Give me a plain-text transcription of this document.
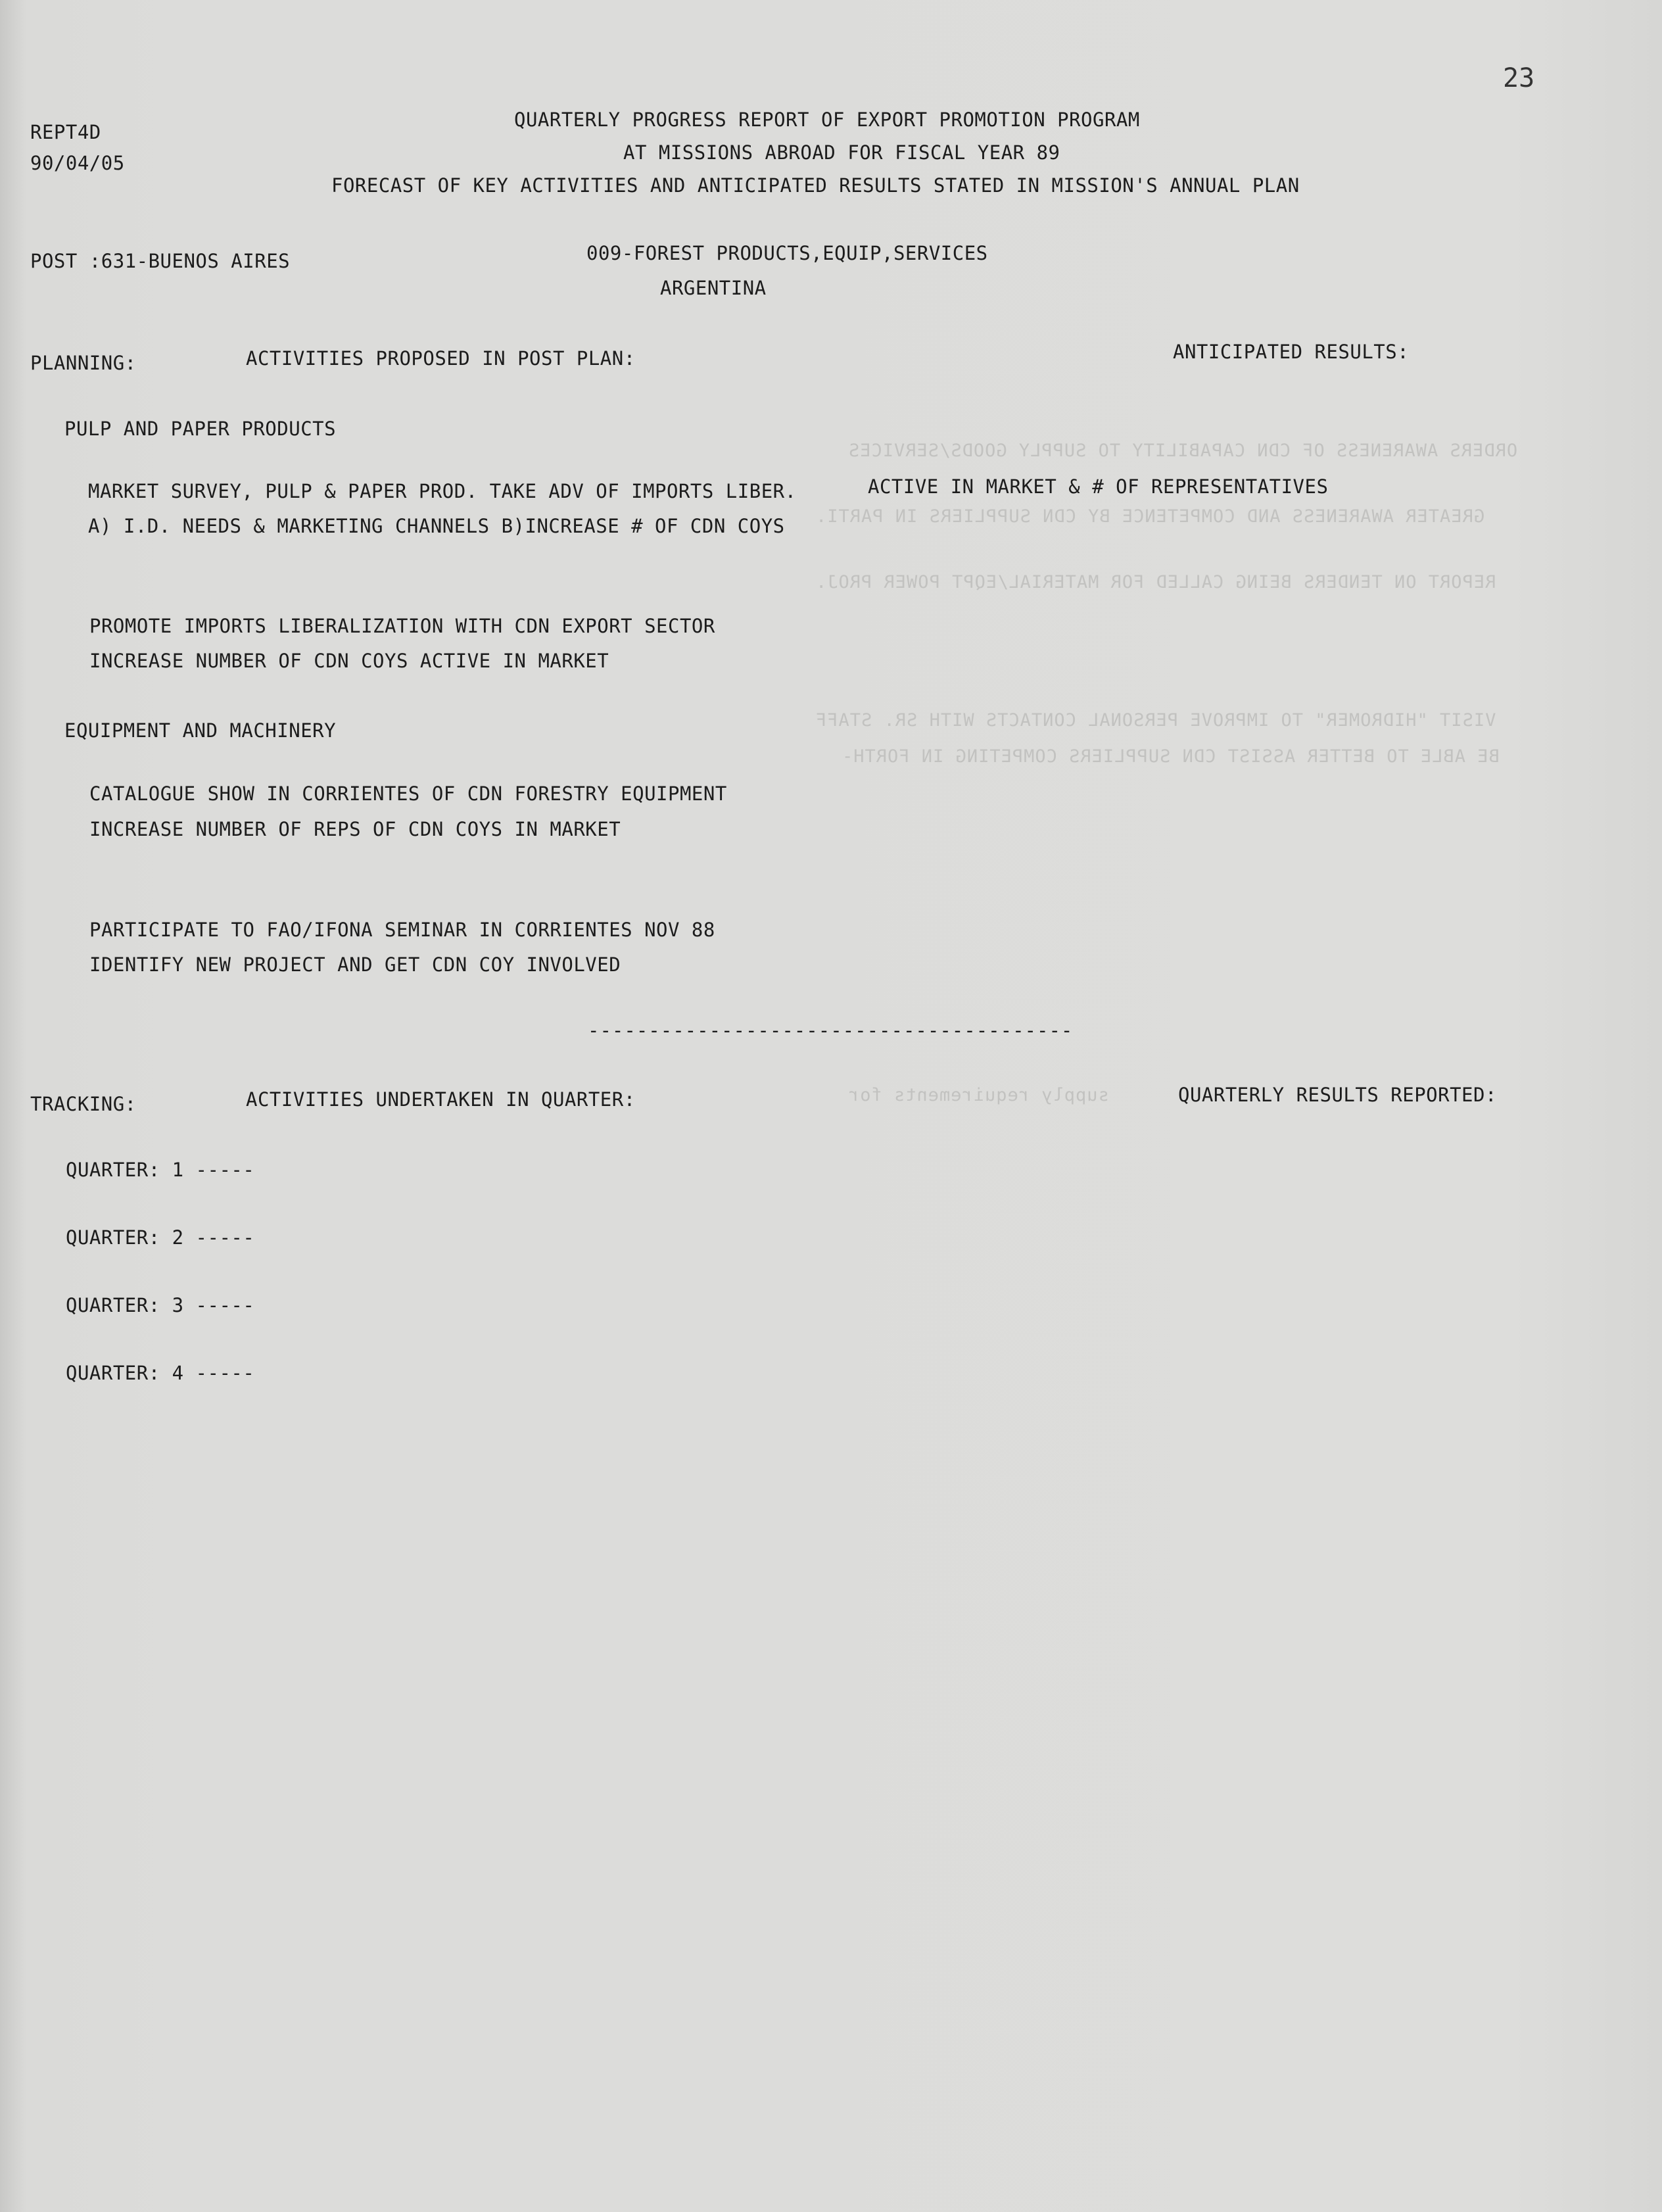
ORDERS AWARENESS OF CDN CAPABILITY TO SUPPLY GOODS/SERVICES
GREATER AWARENESS AND COMPETENCE BY CDN SUPPLIERS IN PARTI.
REPORT ON TENDERS BEING CALLED FOR MATERIAL/EQPT POWER PROJ.
VISIT "HIDROMER" TO IMPROVE PERSONAL CONTACTS WITH SR. STAFF
BE ABLE TO BETTER ASSIST CDN SUPPLIERS COMPETING IN FORTH-
supply requirements for
23
REPT4D
90/04/05
QUARTERLY PROGRESS REPORT OF EXPORT PROMOTION PROGRAM
AT MISSIONS ABROAD FOR FISCAL YEAR 89
FORECAST OF KEY ACTIVITIES AND ANTICIPATED RESULTS STATED IN MISSION'S ANNUAL PLAN
POST :631-BUENOS AIRES	009-FOREST PRODUCTS,EQUIP,SERVICES
ARGENTINA
PLANNING:	ACTIVITIES PROPOSED IN POST PLAN:	ANTICIPATED RESULTS:
PULP AND PAPER PRODUCTS
MARKET SURVEY, PULP & PAPER PROD. TAKE ADV OF IMPORTS LIBER.	ACTIVE IN MARKET & # OF REPRESENTATIVES
A) I.D. NEEDS & MARKETING CHANNELS B)INCREASE # OF CDN COYS
PROMOTE IMPORTS LIBERALIZATION WITH CDN EXPORT SECTOR
INCREASE NUMBER OF CDN COYS ACTIVE IN MARKET
EQUIPMENT AND MACHINERY
CATALOGUE SHOW IN CORRIENTES OF CDN FORESTRY EQUIPMENT
INCREASE NUMBER OF REPS OF CDN COYS IN MARKET
PARTICIPATE TO FAO/IFONA SEMINAR IN CORRIENTES NOV 88
IDENTIFY NEW PROJECT AND GET CDN COY INVOLVED
----------------------------------------
TRACKING:	ACTIVITIES UNDERTAKEN IN QUARTER:	QUARTERLY RESULTS REPORTED:
QUARTER: 1 -----
QUARTER: 2 -----
QUARTER: 3 -----
QUARTER: 4 -----
